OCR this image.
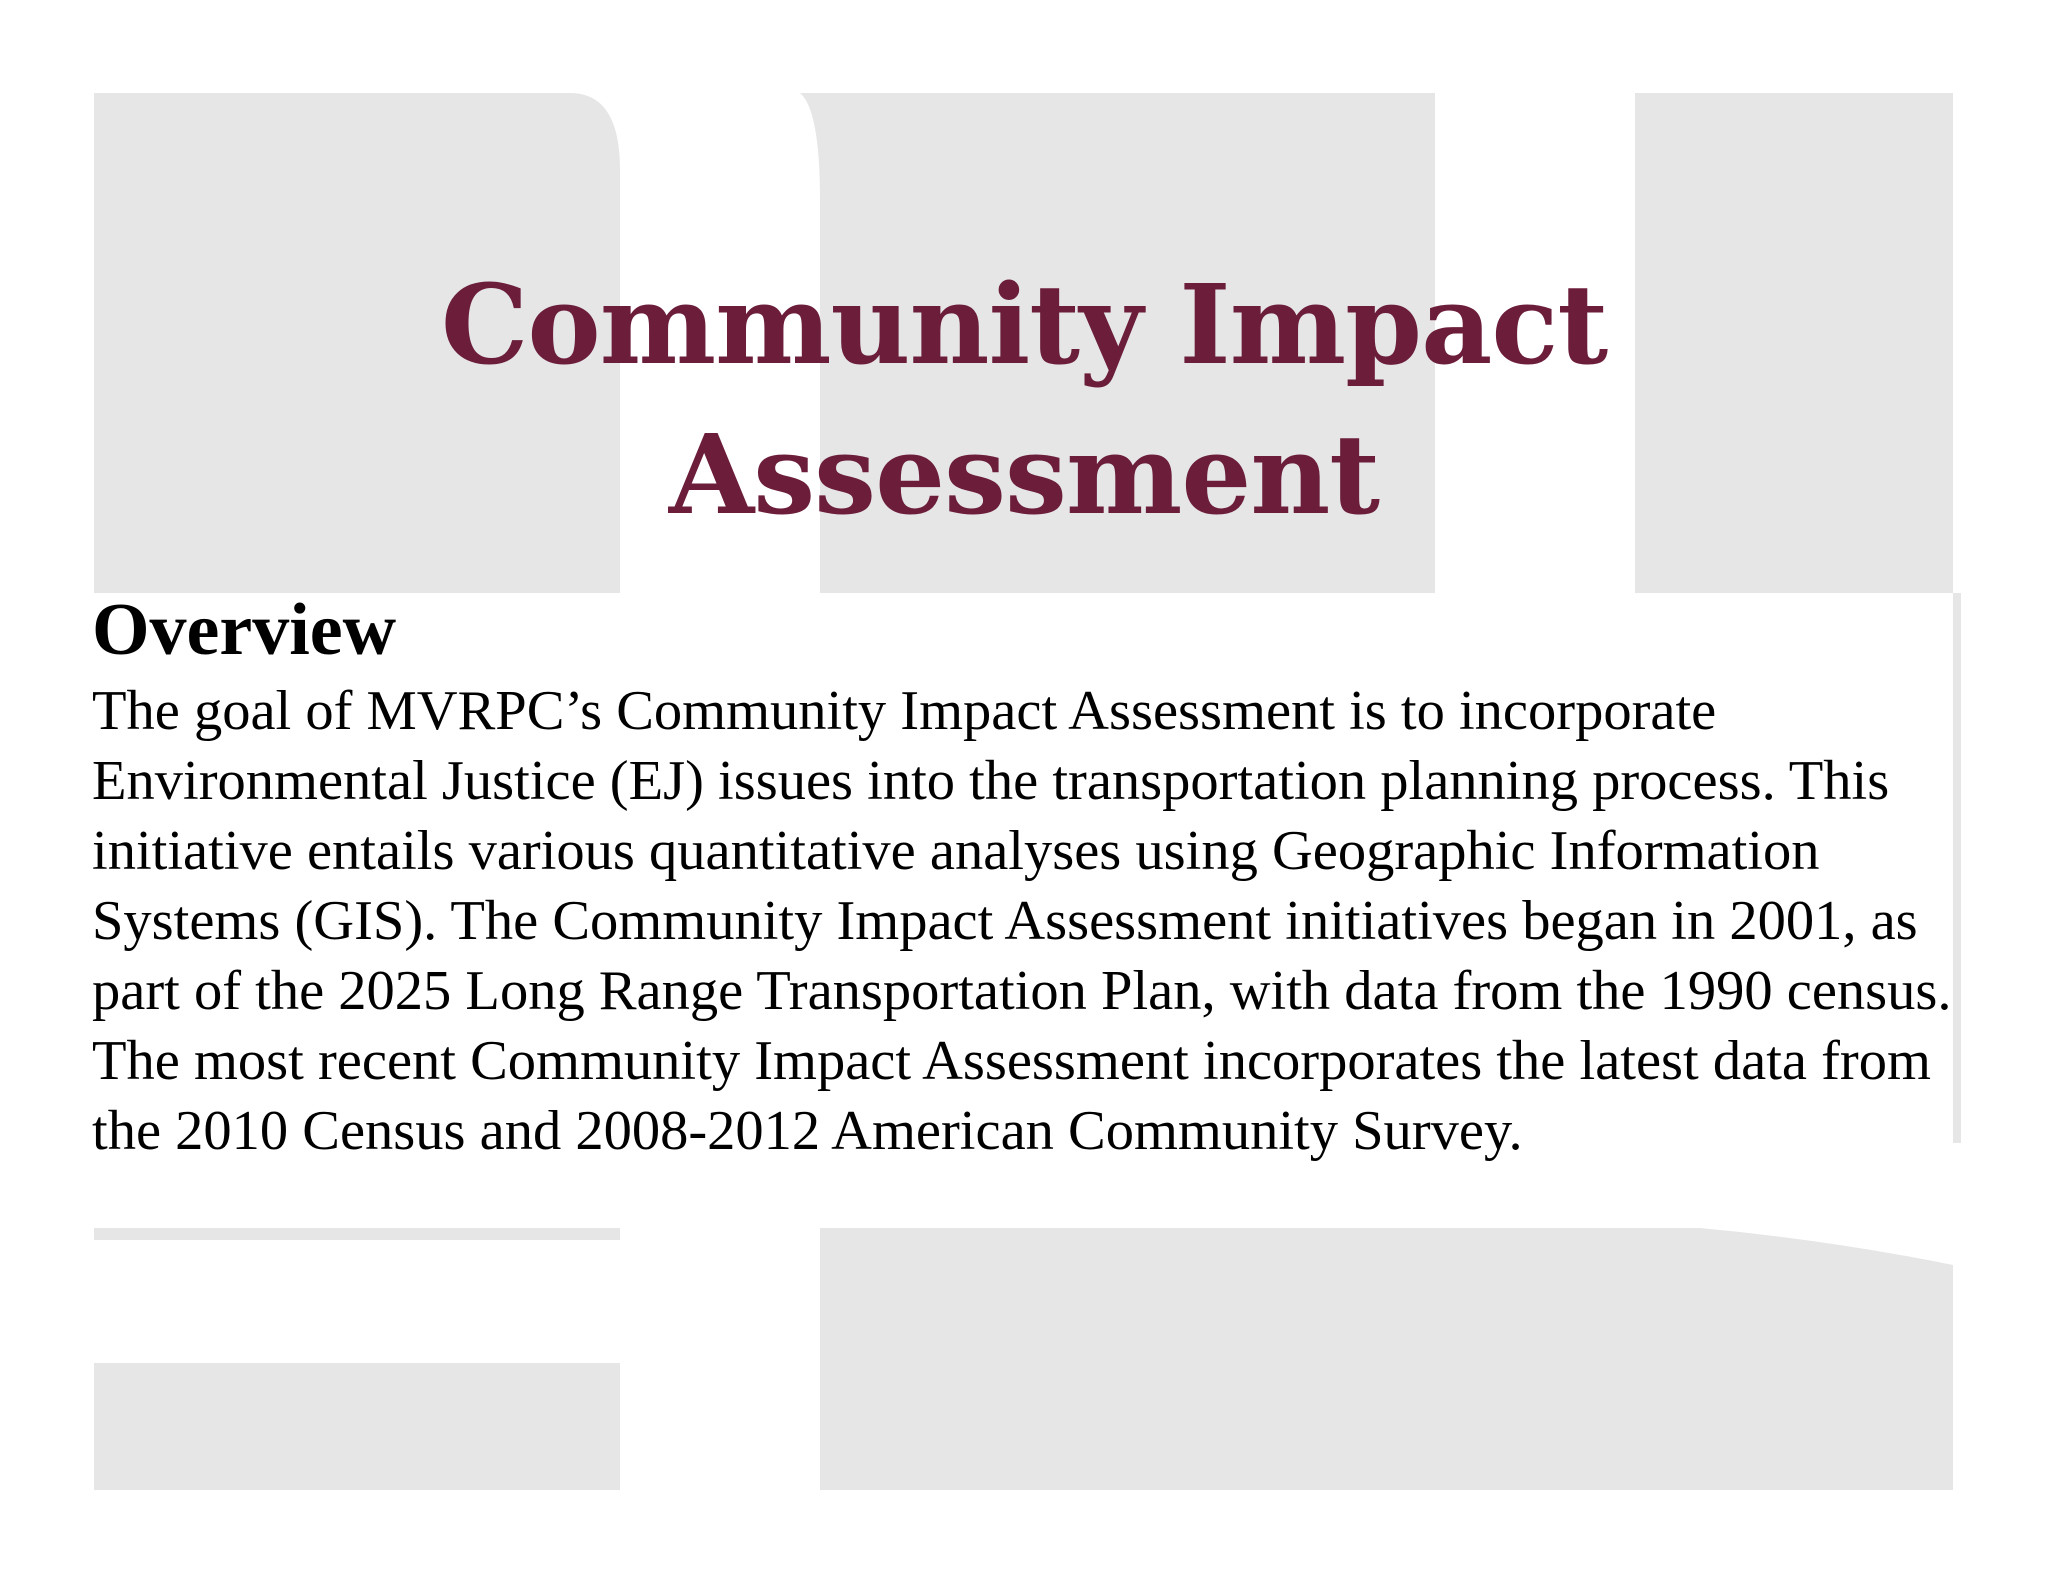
Community Impact Assessment
Overview

The goal of MVRPC’s Community Impact Assessment is to incorporate Environmental Justice (EJ) issues into the transportation planning process. This initiative entails various quantitative analyses using Geographic Information Systems (GIS). The Community Impact Assessment initiatives began in 2001, as part of the 2025 Long Range Transportation Plan, with data from the 1990 census. The most recent Community Impact Assessment incorporates the latest data from the 2010 Census and 2008-2012 American Community Survey.
